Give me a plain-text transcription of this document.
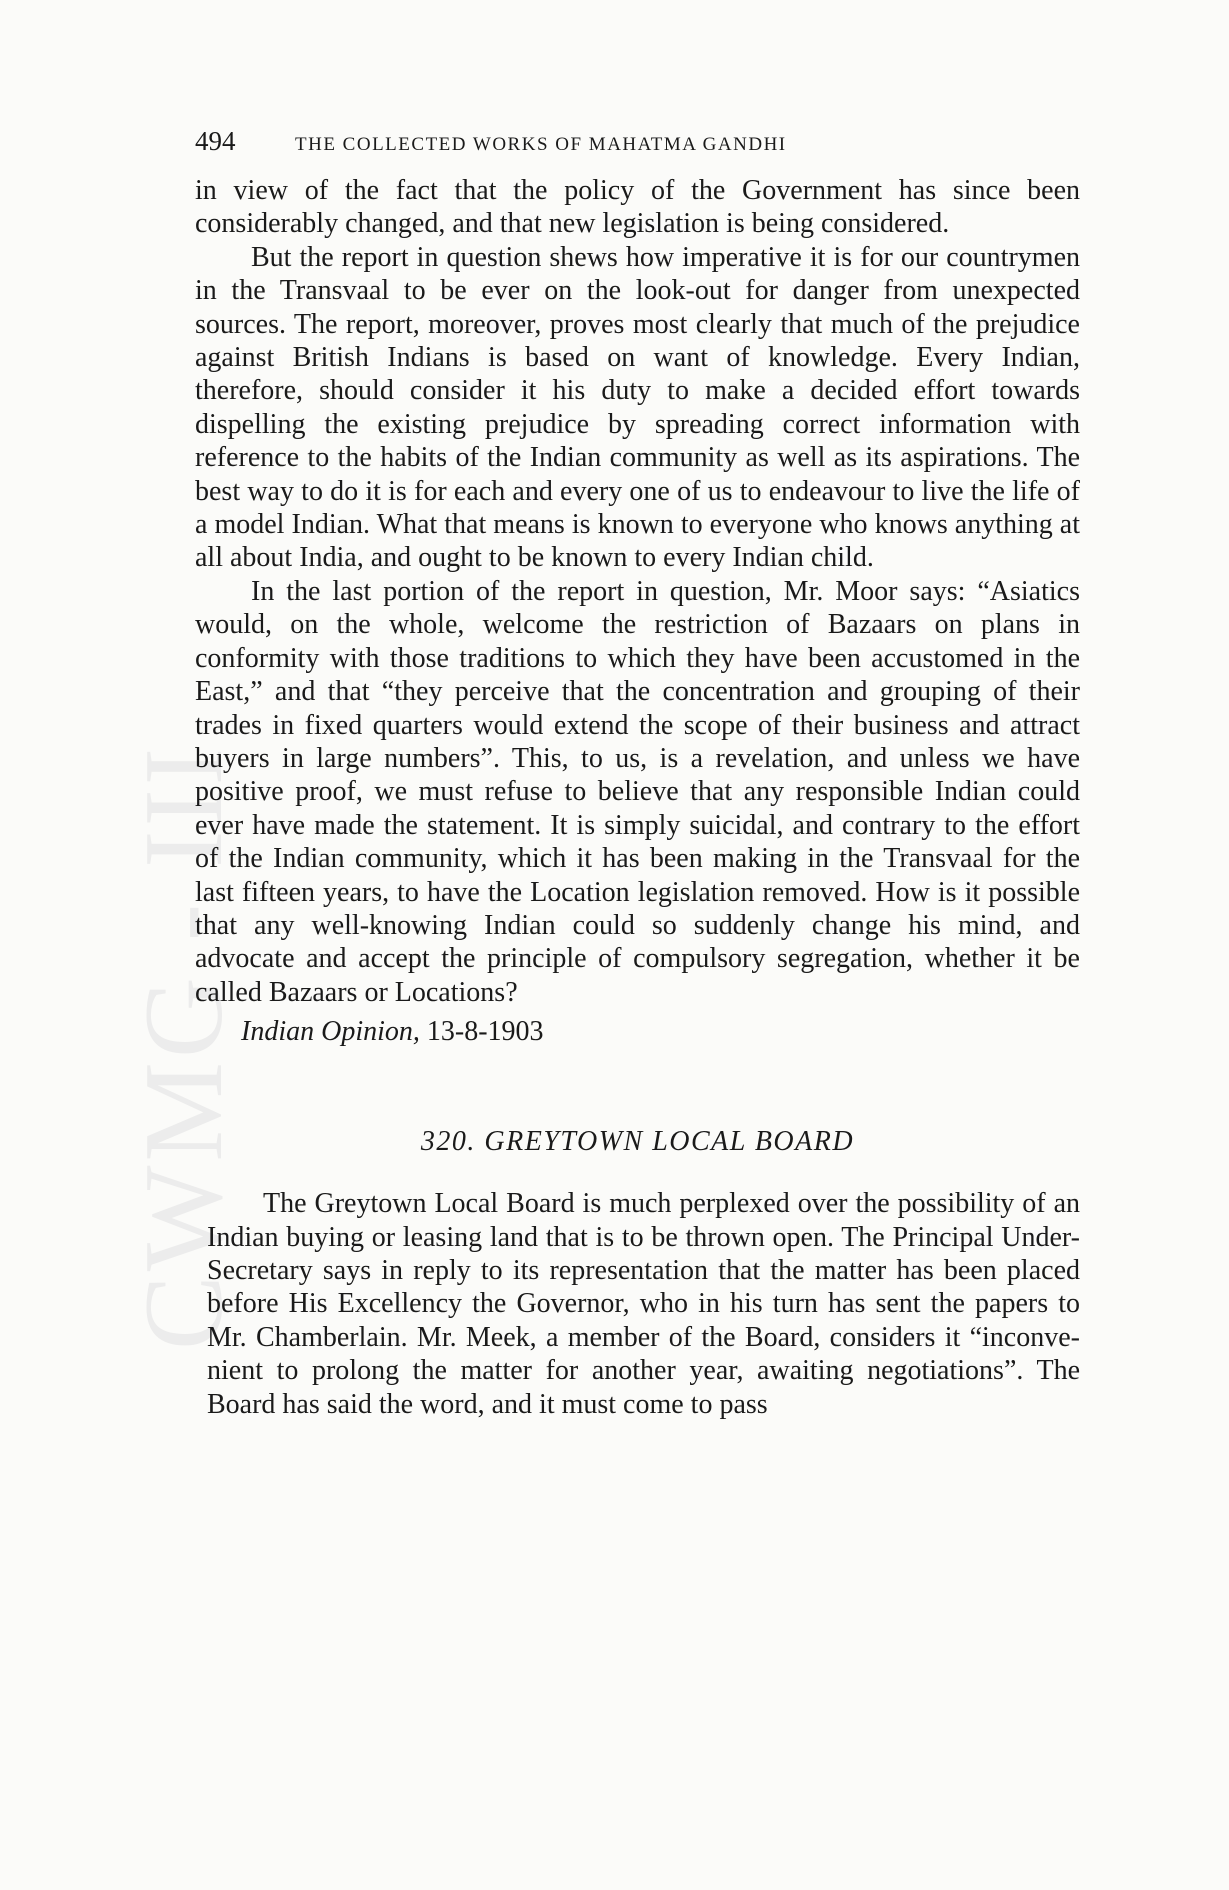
CWMG - III
494	THE COLLECTED WORKS OF MAHATMA GANDHI

in view of the fact that the policy of the Government has since been considerably changed, and that new legislation is being considered.

But the report in question shews how imperative it is for our countrymen in the Transvaal to be ever on the look-out for danger from unexpected sources. The report, moreover, proves most clearly that much of the prejudice against British Indians is based on want of knowledge. Every Indian, therefore, should consider it his duty to make a decided effort towards dispelling the existing prejudice by spreading correct information with reference to the habits of the Indian community as well as its aspirations. The best way to do it is for each and every one of us to endeavour to live the life of a model Indian. What that means is known to everyone who knows anything at all about India, and ought to be known to every Indian child.

In the last portion of the report in question, Mr. Moor says: “Asiatics would, on the whole, welcome the restriction of Bazaars on plans in conformity with those traditions to which they have been accustomed in the East,” and that “they perceive that the concentration and grouping of their trades in fixed quarters would extend the scope of their business and attract buyers in large numbers”. This, to us, is a revelation, and unless we have positive proof, we must refuse to believe that any responsible Indian could ever have made the statement. It is simply suicidal, and contrary to the effort of the Indian community, which it has been making in the Transvaal for the last fifteen years, to have the Location legislation removed. How is it possible that any well-knowing Indian could so suddenly change his mind, and advocate and accept the principle of compulsory segregation, whether it be called Bazaars or Locations?

Indian Opinion, 13-8-1903
320. GREYTOWN LOCAL BOARD

The Greytown Local Board is much perplexed over the possibility of an Indian buying or leasing land that is to be thrown open. The Principal Under-Secretary says in reply to its representation that the matter has been placed before His Excellency the Governor, who in his turn has sent the papers to Mr. Chamberlain. Mr. Meek, a member of the Board, considers it “inconvenient to prolong the matter for another year, awaiting negotiations”. The Board has said the word, and it must come to pass
